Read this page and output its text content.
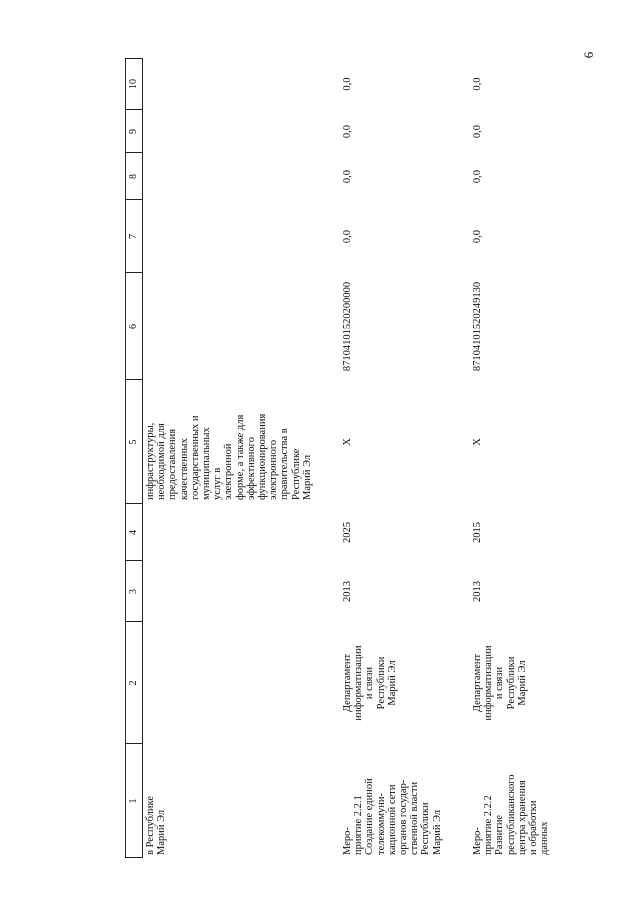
6
1
2
3
4
5
6
7
8
9
10
в Республике
Марий Эл
инфраструктуры,
необходимой для
предоставления
качественных
государственных и
муниципальных
услуг в
электронной
форме, а также для
эффективного
функционирования
электронного
правительства в
Республике
Марий Эл
Меро-
приятие 2.2.1
Создание единой
телекоммуни-
кационной сети
органов государ-
ственной власти
Республики
Марий Эл
Департамент
информатизации
и связи
Республики
Марий Эл
2013
2025
Х
87104101520200000
0,0
0,0
0,0
0,0
Меро-
приятие 2.2.2
Развитие
республиканского
центра хранения
и обработки
данных
Департамент
информатизации
и связи
Республики
Марий Эл
2013
2015
Х
87104101520249130
0,0
0,0
0,0
0,0
